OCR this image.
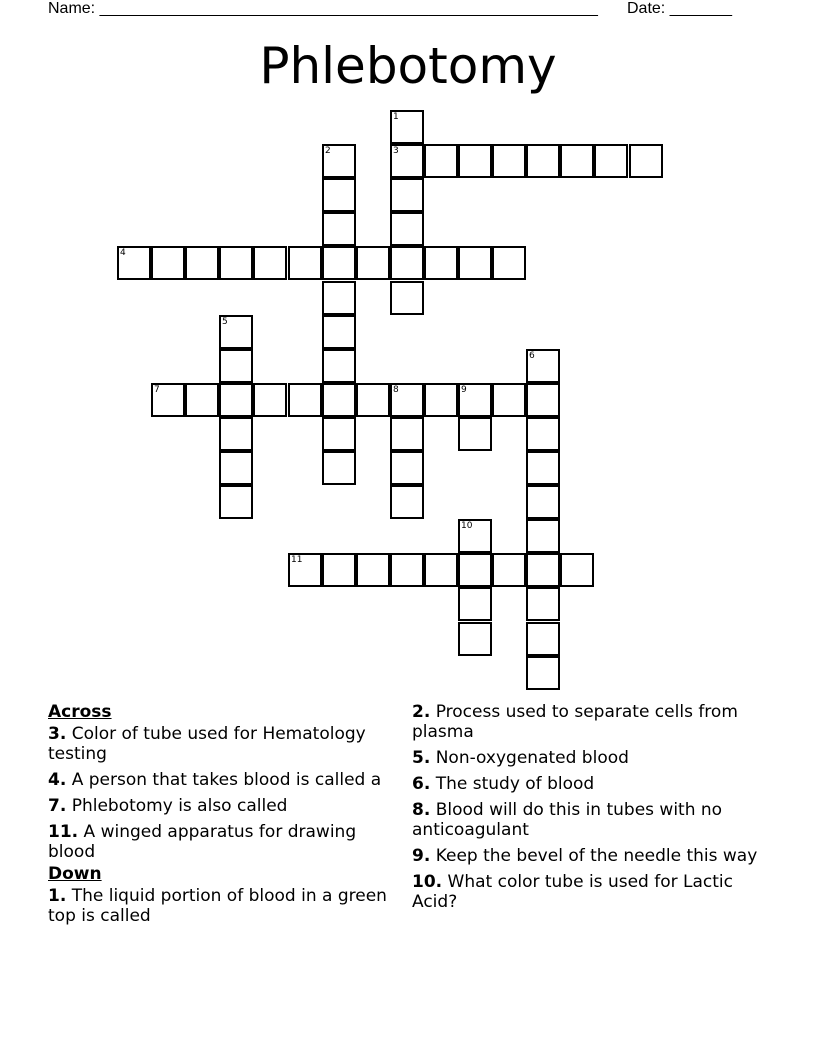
Name: ________________________________________________________ Date: _______
Phlebotomy
1
3
2
4
5
6
7	8	9
10
11
Across
3. Color of tube used for Hematology testing
4. A person that takes blood is called a
7. Phlebotomy is also called
11. A winged apparatus for drawing blood
Down
1. The liquid portion of blood in a green top is called
2. Process used to separate cells from plasma
5. Non-oxygenated blood
6. The study of blood
8. Blood will do this in tubes with no anticoagulant
9. Keep the bevel of the needle this way
10. What color tube is used for Lactic Acid?
